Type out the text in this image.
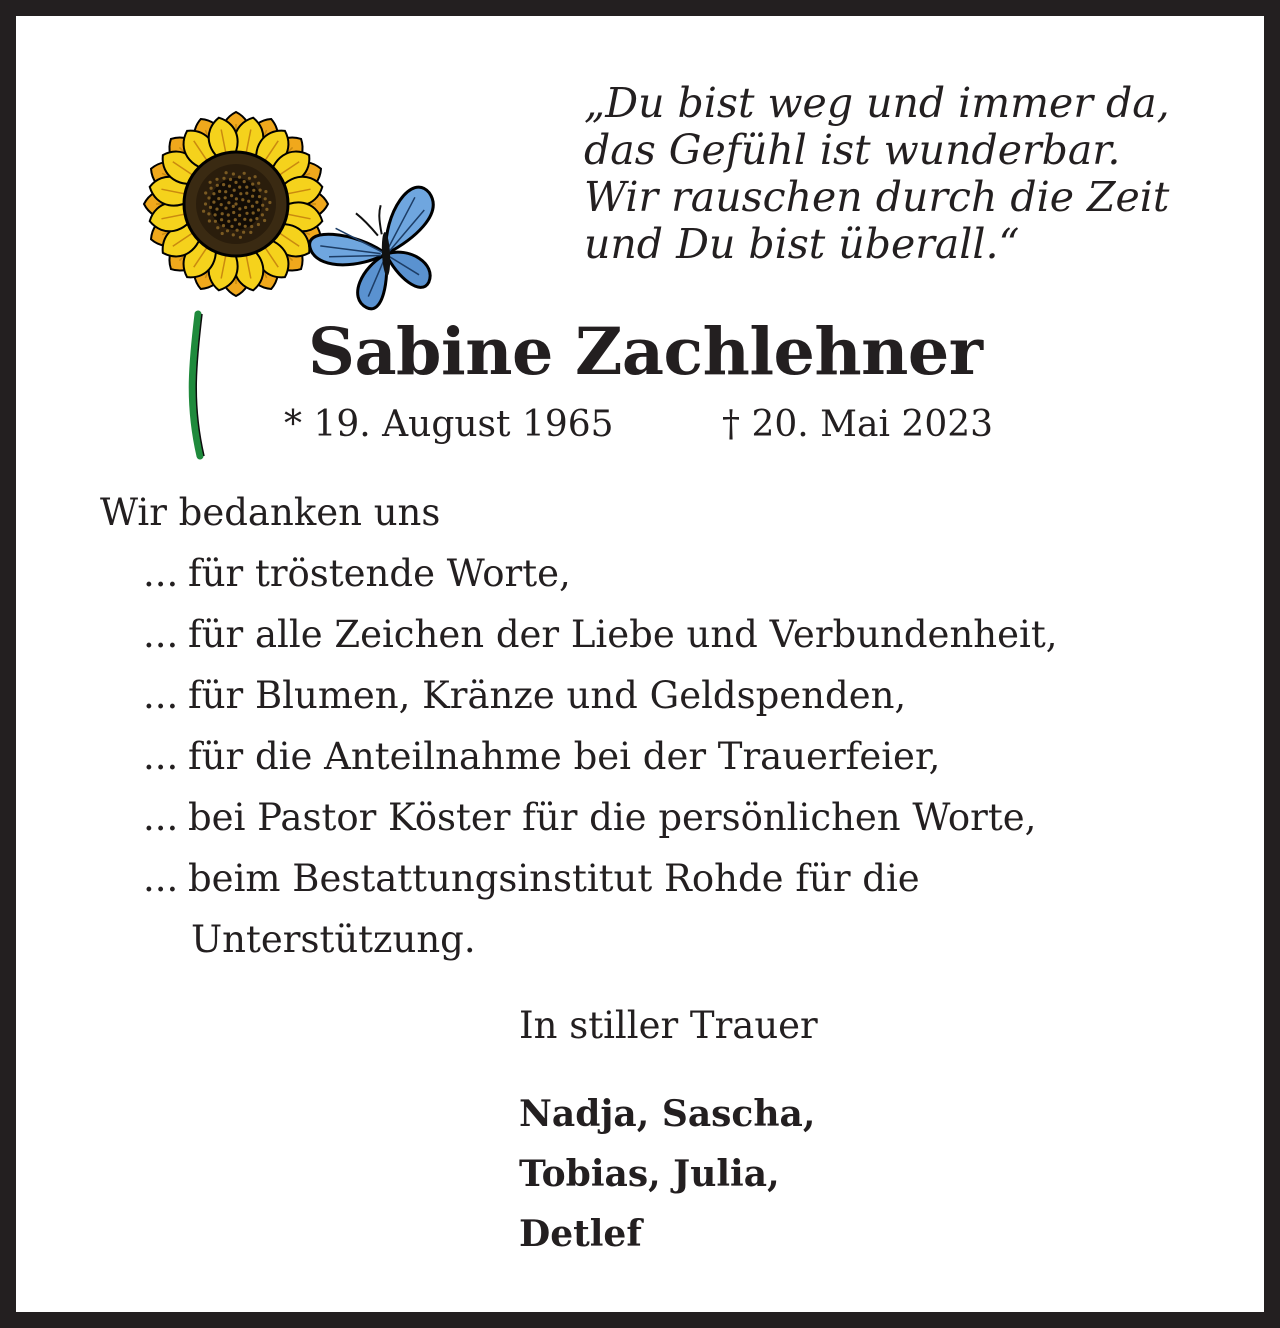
„Du bist weg und immer da,
das Gefühl ist wunderbar.
Wir rauschen durch die Zeit
und Du bist überall.“
Sabine Zachlehner
* 19. August 1965	† 20. Mai 2023
Wir bedanken uns
... für tröstende Worte,
... für alle Zeichen der Liebe und Verbundenheit,
... für Blumen, Kränze und Geldspenden,
... für die Anteilnahme bei der Trauerfeier,
... bei Pastor Köster für die persönlichen Worte,
... beim Bestattungsinstitut Rohde für die
Unterstützung.
In stiller Trauer
Nadja, Sascha,
Tobias, Julia,
Detlef
